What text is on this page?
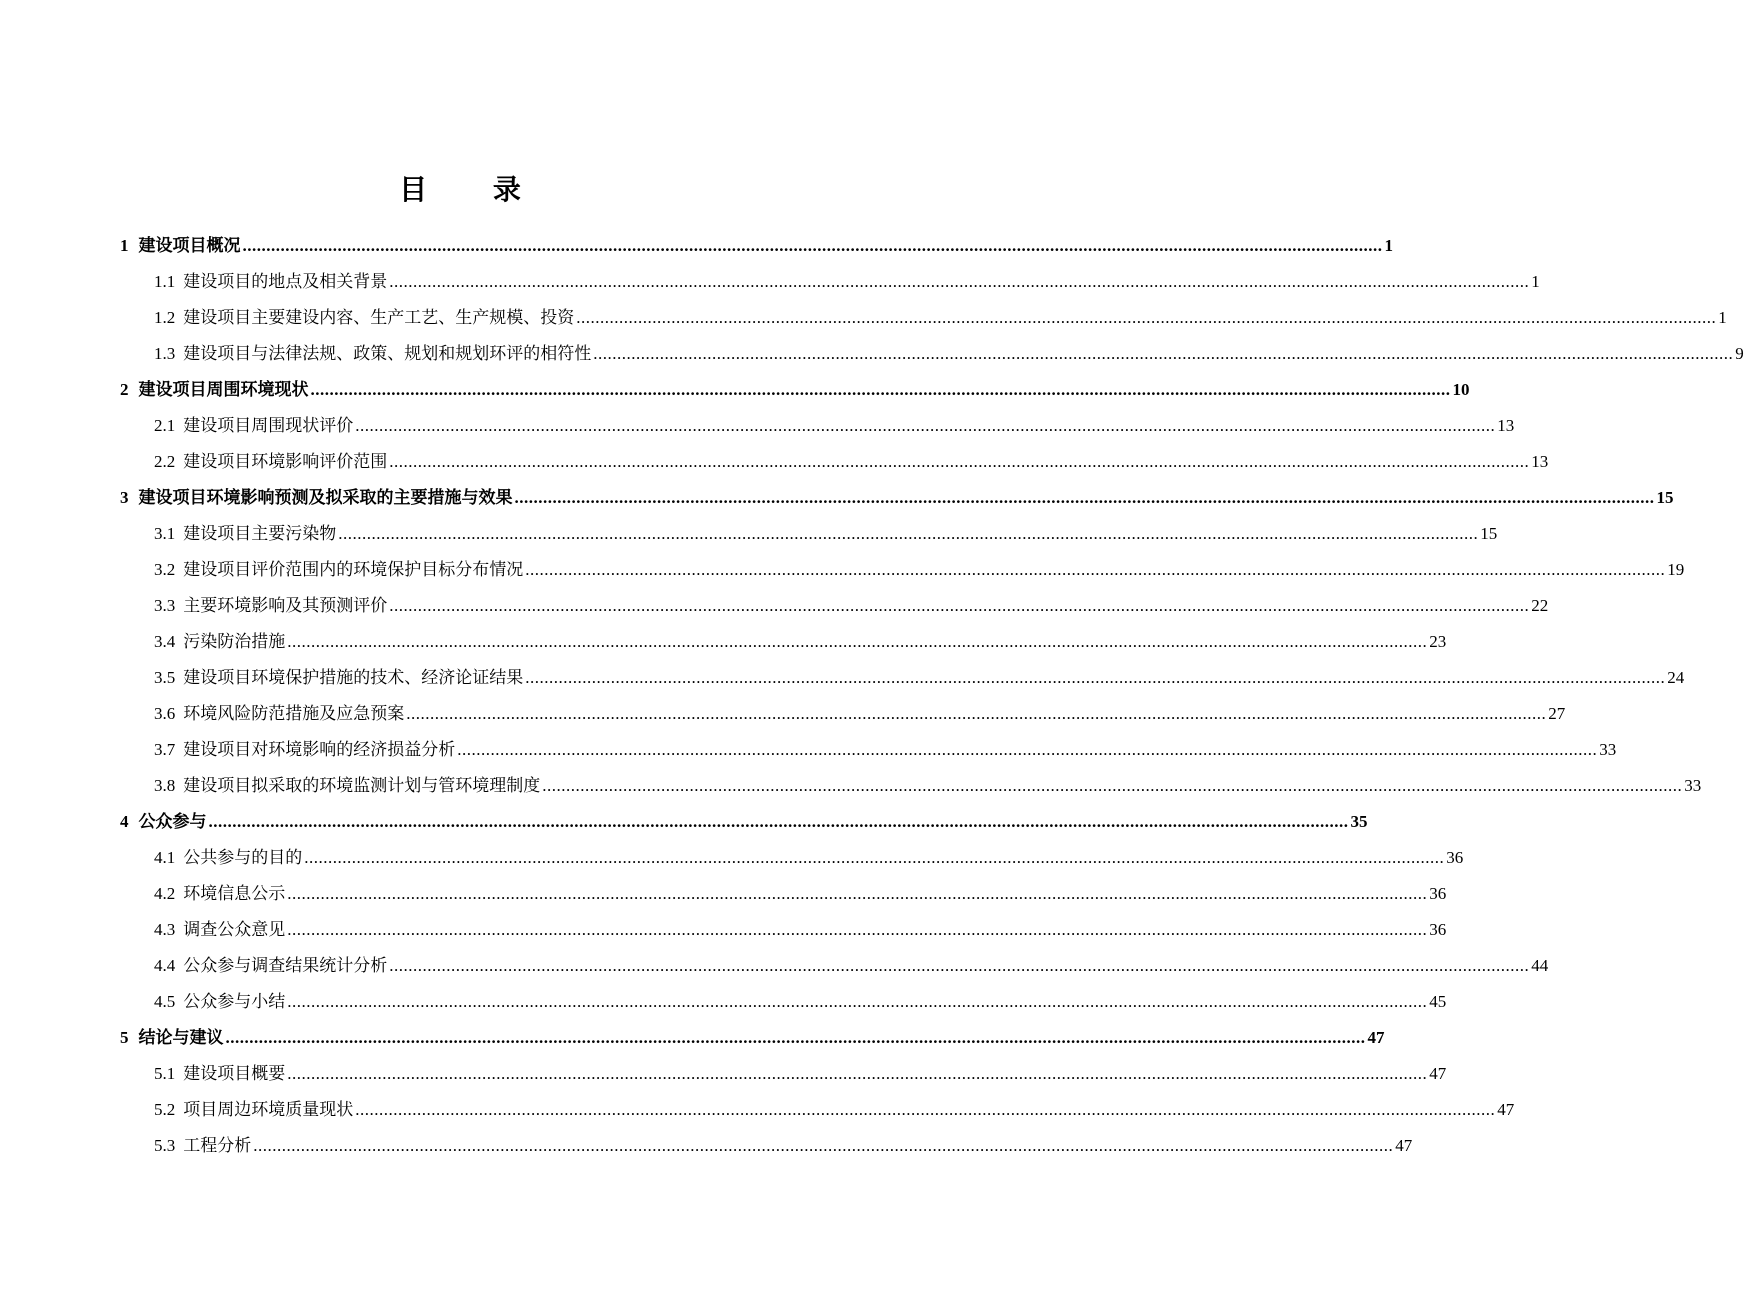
目 录
1 建设项目概况 ................................................................................................................................................................................................................................................ 1
1.1 建设项目的地点及相关背景 ................................................................................................................................................................................................................................................ 1
1.2 建设项目主要建设内容、生产工艺、生产规模、投资 ................................................................................................................................................................................................................................................ 1
1.3 建设项目与法律法规、政策、规划和规划环评的相符性 ................................................................................................................................................................................................................................................ 9
2 建设项目周围环境现状 ................................................................................................................................................................................................................................................ 10
2.1 建设项目周围现状评价 ................................................................................................................................................................................................................................................ 13
2.2 建设项目环境影响评价范围 ................................................................................................................................................................................................................................................ 13
3 建设项目环境影响预测及拟采取的主要措施与效果 ................................................................................................................................................................................................................................................ 15
3.1 建设项目主要污染物 ................................................................................................................................................................................................................................................ 15
3.2 建设项目评价范围内的环境保护目标分布情况 ................................................................................................................................................................................................................................................ 19
3.3 主要环境影响及其预测评价 ................................................................................................................................................................................................................................................ 22
3.4 污染防治措施 ................................................................................................................................................................................................................................................ 23
3.5 建设项目环境保护措施的技术、经济论证结果 ................................................................................................................................................................................................................................................ 24
3.6 环境风险防范措施及应急预案 ................................................................................................................................................................................................................................................ 27
3.7 建设项目对环境影响的经济损益分析 ................................................................................................................................................................................................................................................ 33
3.8 建设项目拟采取的环境监测计划与管环境理制度 ................................................................................................................................................................................................................................................ 33
4 公众参与 ................................................................................................................................................................................................................................................ 35
4.1 公共参与的目的 ................................................................................................................................................................................................................................................ 36
4.2 环境信息公示 ................................................................................................................................................................................................................................................ 36
4.3 调查公众意见 ................................................................................................................................................................................................................................................ 36
4.4 公众参与调查结果统计分析 ................................................................................................................................................................................................................................................ 44
4.5 公众参与小结 ................................................................................................................................................................................................................................................ 45
5 结论与建议 ................................................................................................................................................................................................................................................ 47
5.1 建设项目概要 ................................................................................................................................................................................................................................................ 47
5.2 项目周边环境质量现状 ................................................................................................................................................................................................................................................ 47
5.3 工程分析 ................................................................................................................................................................................................................................................ 47
